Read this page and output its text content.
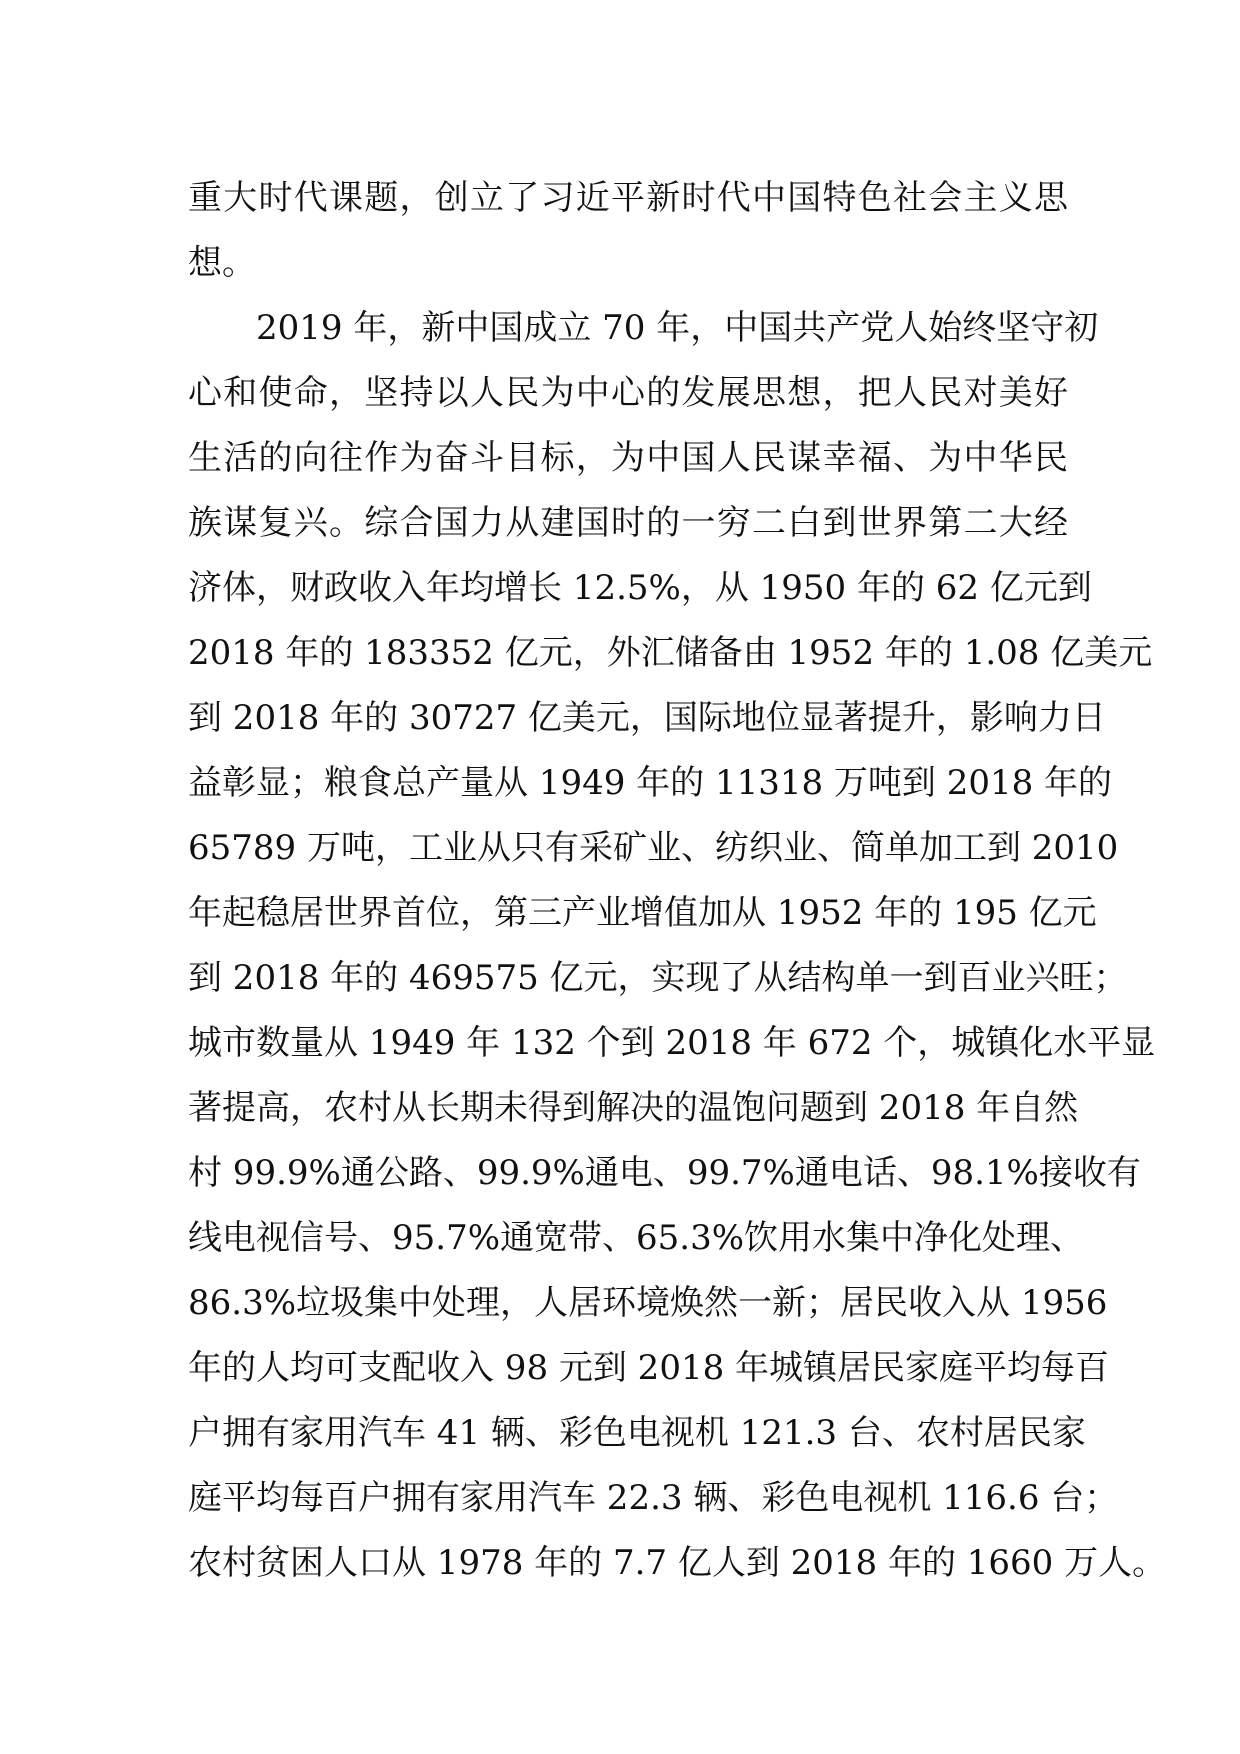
重大时代课题，创立了习近平新时代中国特色社会主义思
想。
2019 年，新中国成立 70 年，中国共产党人始终坚守初
心和使命，坚持以人民为中心的发展思想，把人民对美好
生活的向往作为奋斗目标，为中国人民谋幸福、为中华民
族谋复兴。综合国力从建国时的一穷二白到世界第二大经
济体，财政收入年均增长 12.5%，从 1950 年的 62 亿元到
2018 年的 183352 亿元，外汇储备由 1952 年的 1.08 亿美元
到 2018 年的 30727 亿美元，国际地位显著提升，影响力日
益彰显；粮食总产量从 1949 年的 11318 万吨到 2018 年的
65789 万吨，工业从只有采矿业、纺织业、简单加工到 2010
年起稳居世界首位，第三产业增值加从 1952 年的 195 亿元
到 2018 年的 469575 亿元，实现了从结构单一到百业兴旺；
城市数量从 1949 年 132 个到 2018 年 672 个，城镇化水平显
著提高，农村从长期未得到解决的温饱问题到 2018 年自然
村 99.9%通公路、99.9%通电、99.7%通电话、98.1%接收有
线电视信号、95.7%通宽带、65.3%饮用水集中净化处理、
86.3%垃圾集中处理，人居环境焕然一新；居民收入从 1956
年的人均可支配收入 98 元到 2018 年城镇居民家庭平均每百
户拥有家用汽车 41 辆、彩色电视机 121.3 台、农村居民家
庭平均每百户拥有家用汽车 22.3 辆、彩色电视机 116.6 台；
农村贫困人口从 1978 年的 7.7 亿人到 2018 年的 1660 万人。
